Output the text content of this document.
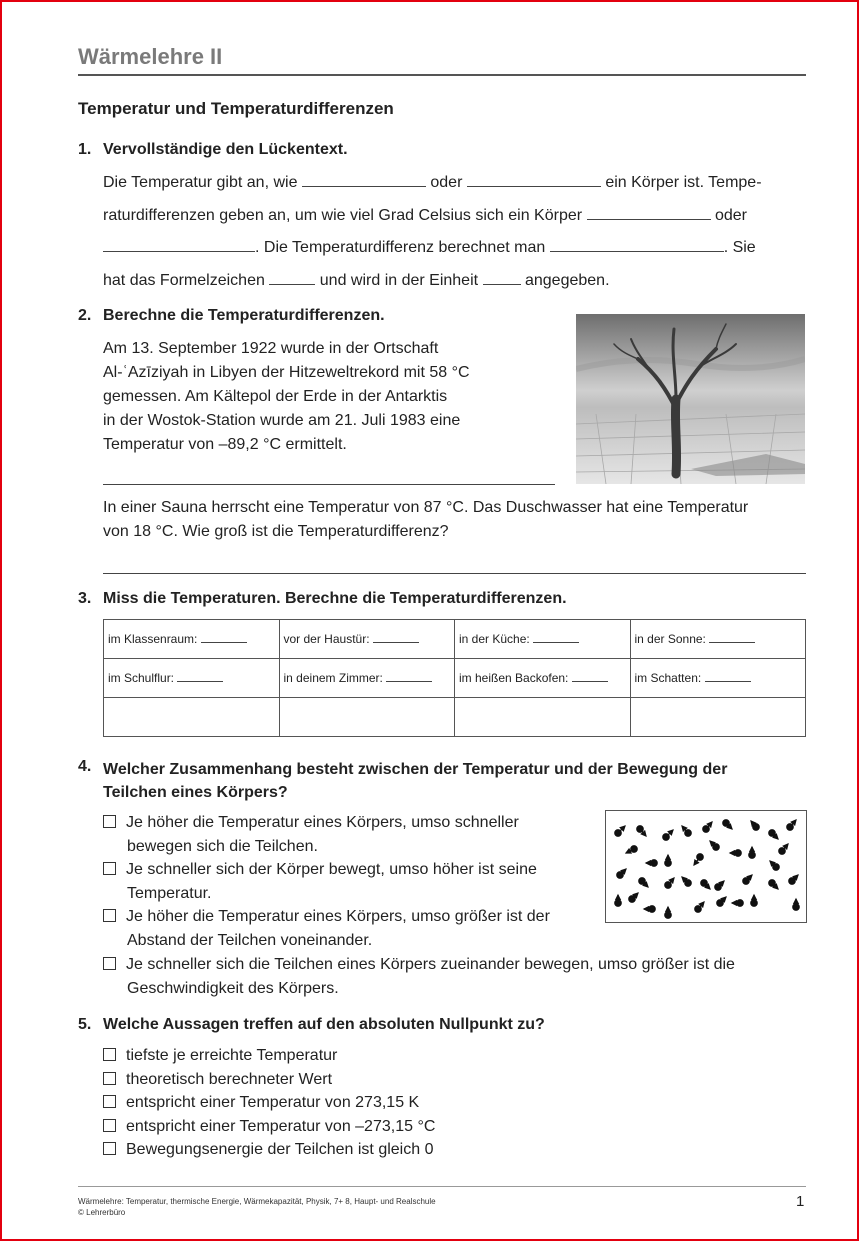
Wärmelehre II
Temperatur und Temperaturdifferenzen
1. Vervollständige den Lückentext.
Die Temperatur gibt an, wie	oder	ein Körper ist. Tempe-
raturdifferenzen geben an, um wie viel Grad Celsius sich ein Körper	oder
. Die Temperaturdifferenz berechnet man	. Sie
hat das Formelzeichen	und wird in der Einheit	angegeben.
2. Berechne die Temperaturdifferenzen.
Am 13. September 1922 wurde in der Ortschaft
Al-ʿAzīziyah in Libyen der Hitzeweltrekord mit 58 °C
gemessen. Am Kältepol der Erde in der Antarktis
in der Wostok-Station wurde am 21. Juli 1983 eine
Temperatur von –89,2 °C ermittelt.
In einer Sauna herrscht eine Temperatur von 87 °C. Das Duschwasser hat eine Temperatur
von 18 °C. Wie groß ist die Temperaturdifferenz?
3. Miss die Temperaturen. Berechne die Temperaturdifferenzen.
im Klassenraum:	vor der Haustür:	in der Küche:	in der Sonne:
im Schulflur:	in deinem Zimmer:	im heißen Backofen:	im Schatten:

4. Welcher Zusammenhang besteht zwischen der Temperatur und der Bewegung der
Teilchen eines Körpers?
Je höher die Temperatur eines Körpers, umso schneller
bewegen sich die Teilchen.
Je schneller sich der Körper bewegt, umso höher ist seine
Temperatur.
Je höher die Temperatur eines Körpers, umso größer ist der
Abstand der Teilchen voneinander.
Je schneller sich die Teilchen eines Körpers zueinander bewegen, umso größer ist die
Geschwindigkeit des Körpers.
5. Welche Aussagen treffen auf den absoluten Nullpunkt zu?
tiefste je erreichte Temperatur
theoretisch berechneter Wert
entspricht einer Temperatur von 273,15 K
entspricht einer Temperatur von –273,15 °C
Bewegungsenergie der Teilchen ist gleich 0
Wärmelehre: Temperatur, thermische Energie, Wärmekapazität, Physik, 7+ 8, Haupt- und Realschule
© Lehrerbüro
1
